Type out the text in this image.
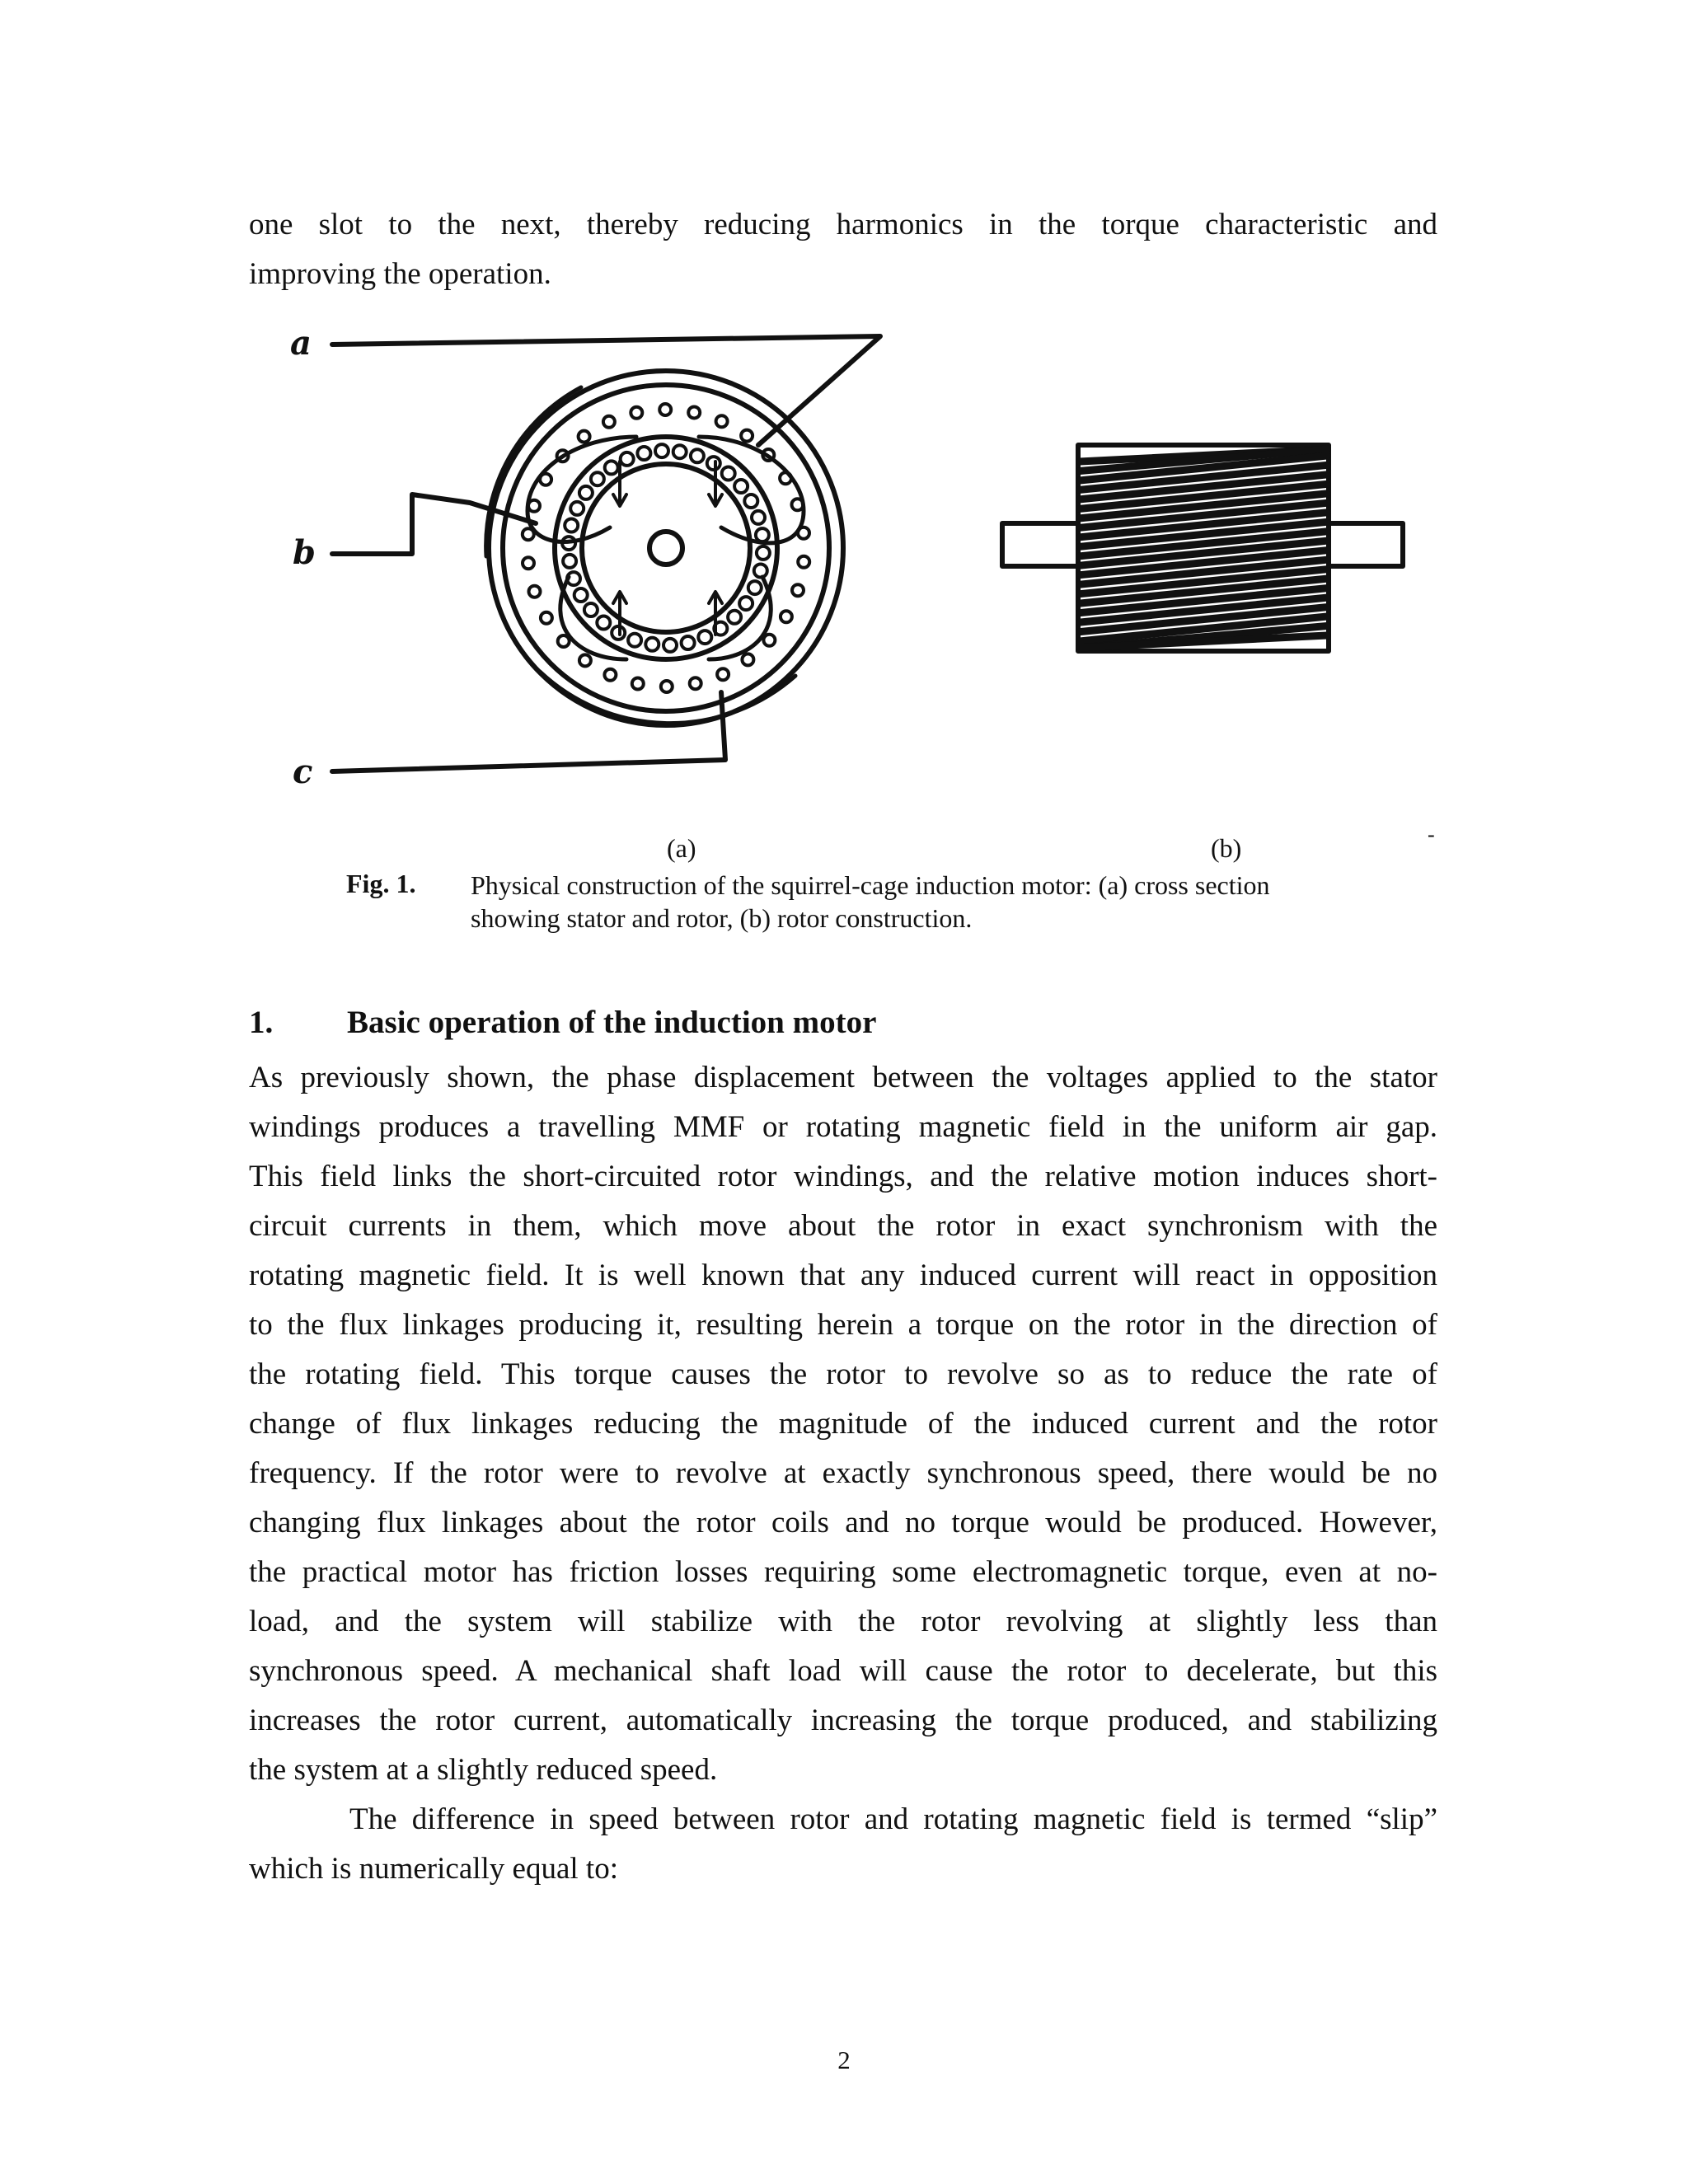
one slot to the next, thereby reducing harmonics in the torque characteristic and
improving the operation.
a
b
c
(a)	(b)	-
Fig. 1. Physical construction of the squirrel-cage induction motor: (a) cross section
showing stator and rotor, (b) rotor construction.
1. Basic operation of the induction motor
As previously shown, the phase displacement between the voltages applied to the stator
windings produces a travelling MMF or rotating magnetic field in the uniform air gap.
This field links the short-circuited rotor windings, and the relative motion induces short-
circuit currents in them, which move about the rotor in exact synchronism with the
rotating magnetic field. It is well known that any induced current will react in opposition
to the flux linkages producing it, resulting herein a torque on the rotor in the direction of
the rotating field. This torque causes the rotor to revolve so as to reduce the rate of
change of flux linkages reducing the magnitude of the induced current and the rotor
frequency. If the rotor were to revolve at exactly synchronous speed, there would be no
changing flux linkages about the rotor coils and no torque would be produced. However,
the practical motor has friction losses requiring some electromagnetic torque, even at no-
load, and the system will stabilize with the rotor revolving at slightly less than
synchronous speed. A mechanical shaft load will cause the rotor to decelerate, but this
increases the rotor current, automatically increasing the torque produced, and stabilizing
the system at a slightly reduced speed.
The difference in speed between rotor and rotating magnetic field is termed “slip”
which is numerically equal to:
2
